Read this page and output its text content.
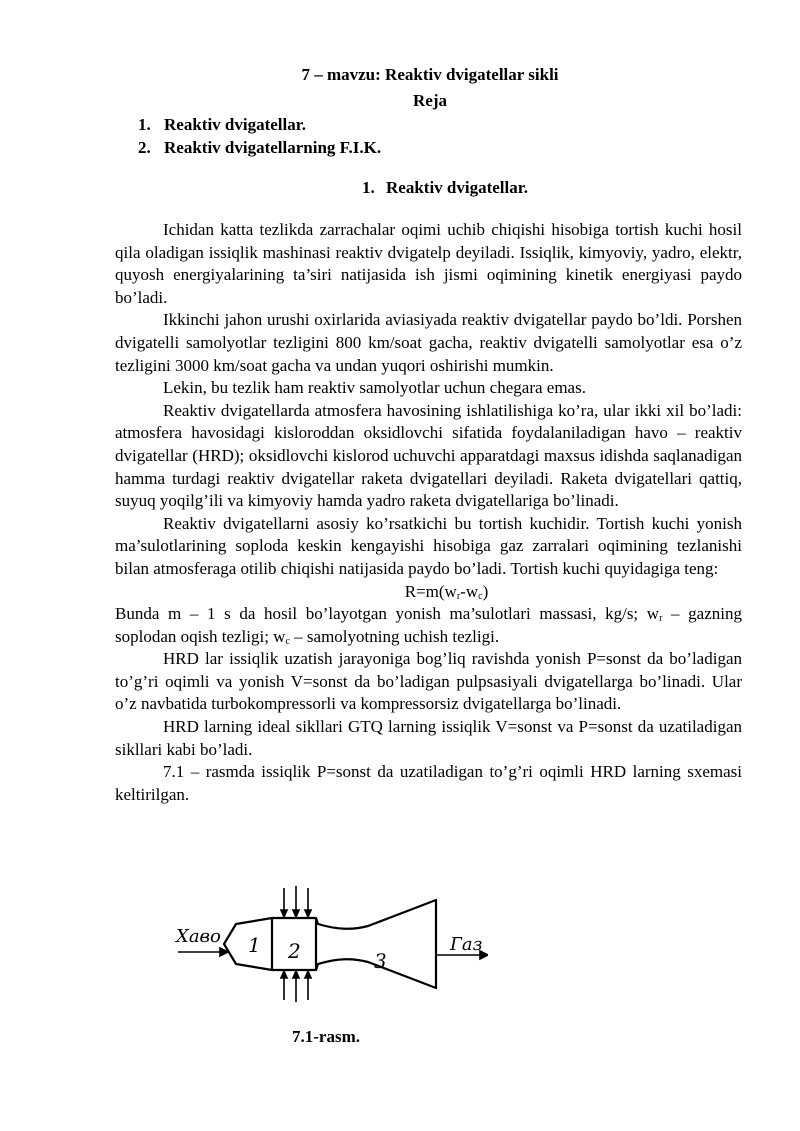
7 – mavzu: Reaktiv dvigatellar sikli
Reja
1. Reaktiv dvigatellar.
2. Reaktiv dvigatellarning F.I.K.
1. Reaktiv dvigatellar.

Ichidan katta tezlikda zarrachalar oqimi uchib chiqishi hisobiga tortish kuchi hosil qila oladigan issiqlik mashinasi reaktiv dvigatelp deyiladi. Issiqlik, kimyoviy, yadro, elektr, quyosh energiyalarining ta’siri natijasida ish jismi oqimining kinetik energiyasi paydo bo’ladi.

Ikkinchi jahon urushi oxirlarida aviasiyada reaktiv dvigatellar paydo bo’ldi. Porshen dvigatelli samolyotlar tezligini 800 km/soat gacha, reaktiv dvigatelli samolyotlar esa o’z tezligini 3000 km/soat gacha va undan yuqori oshirishi mumkin.

Lekin, bu tezlik ham reaktiv samolyotlar uchun chegara emas.

Reaktiv dvigatellarda atmosfera havosining ishlatilishiga ko’ra, ular ikki xil bo’ladi: atmosfera havosidagi kisloroddan oksidlovchi sifatida foydalaniladigan havo – reaktiv dvigatellar (HRD); oksidlovchi kislorod uchuvchi apparatdagi maxsus idishda saqlanadigan hamma turdagi reaktiv dvigatellar raketa dvigatellari deyiladi. Raketa dvigatellari qattiq, suyuq yoqilg’ili va kimyoviy hamda yadro raketa dvigatellariga bo’linadi.

Reaktiv dvigatellarni asosiy ko’rsatkichi bu tortish kuchidir. Tortish kuchi yonish ma’sulotlarining soploda keskin kengayishi hisobiga gaz zarralari oqimining tezlanishi bilan atmosferaga otilib chiqishi natijasida paydo bo’ladi. Tortish kuchi quyidagiga teng:

$R=m(w_r-w_c)$

Bunda m – 1 s da hosil bo’layotgan yonish ma’sulotlari massasi, kg/s; $w_r$ – gazning soplodan oqish tezligi; $w_c$ – samolyotning uchish tezligi.

HRD lar issiqlik uzatish jarayoniga bog’liq ravishda yonish P=sonst da bo’ladigan to’g’ri oqimli va yonish V=sonst da bo’ladigan pulpsasiyali dvigatellarga bo’linadi. Ular o’z navbatida turbokompressorli va kompressorsiz dvigatellarga bo’linadi.

HRD larning ideal sikllari GTQ larning issiqlik V=sonst va P=sonst da uzatiladigan sikllari kabi bo’ladi.

7.1 – rasmda issiqlik P=sonst da uzatiladigan to’g’ri oqimli HRD larning sxemasi keltirilgan.

Хаво	Газ
1 2	3
7.1-rasm.
